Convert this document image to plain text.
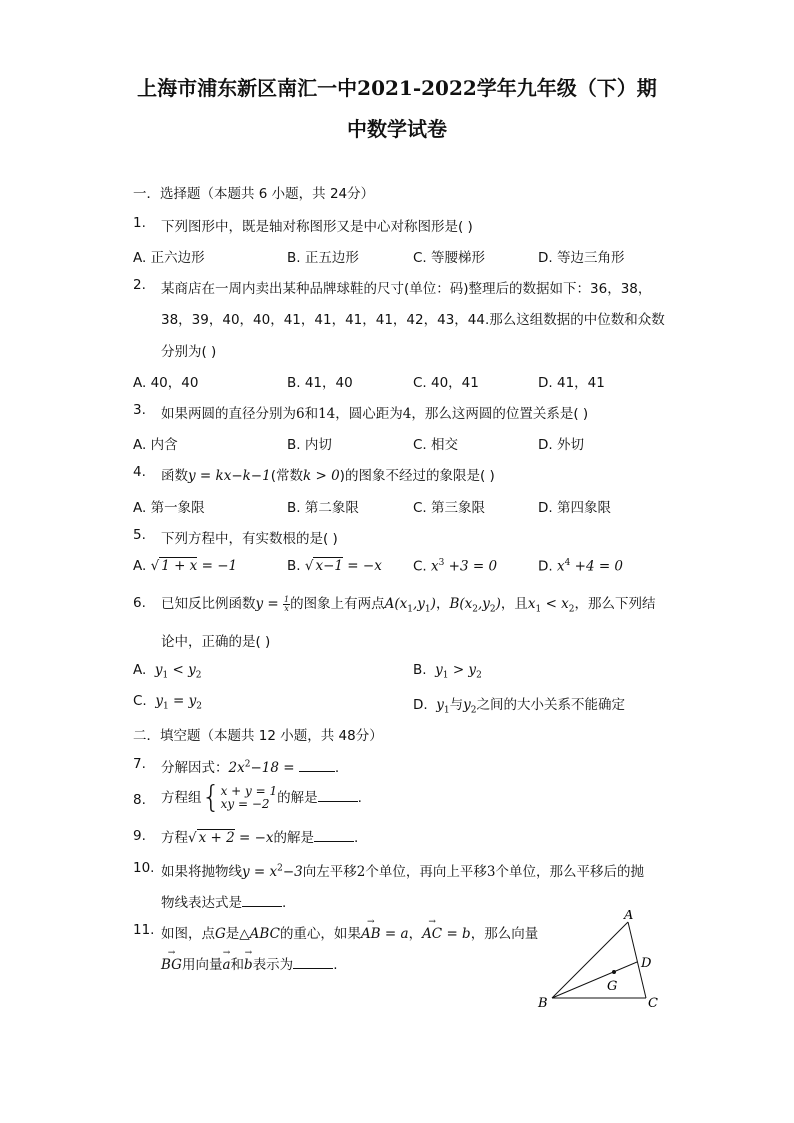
上海市浦东新区南汇一中2021-2022学年九年级（下）期
中数学试卷
一．选择题（本题共 6 小题，共 24分）
1. 下列图形中，既是轴对称图形又是中心对称图形是( )
A. 正六边形	B. 正五边形	C. 等腰梯形	D. 等边三角形
2. 某商店在一周内卖出某种品牌球鞋的尺寸(单位：码)整理后的数据如下：36，38，
38，39，40，40，41，41，41，41，42，43，44.那么这组数据的中位数和众数
分别为( )
A. 40，40	B. 41，40	C. 40，41	D. 41，41
3. 如果两圆的直径分别为6和14，圆心距为4，那么这两圆的位置关系是( )
A. 内含	B. 内切	C. 相交	D. 外切
4. 函数y = kx−k−1(常数k > 0)的图象不经过的象限是( )
A. 第一象限	B. 第二象限	C. 第三象限	D. 第四象限
5. 下列方程中，有实数根的是( )
A. √ 1 + x = −1	B. √ x−1 = −x C. $x^3 +3 = 0$	D. $x^4 +4 = 0$
6. 已知反比例函数$y = \frac{1}{x}$ 的图象上有两点$A(x_1,y_1)$，$B(x_2,y_2)$，且$x_1 < x_2$，那么下列结
论中，正确的是( )
A. $y_1 < y_2$	B. $y_1 > y_2$
C. $y_1 = y_2$	D. $y_1$与$y_2$之间的大小关系不能确定
二．填空题（本题共 12 小题，共 48分）
7. 分解因式：$2x^2-18$ =	.
8. 方程组{ x + y = 1
xy = −2 的解是	.
9. 方程√ x + 2 = −x的解是	.
10. 如果将抛物线$y = x^2-3$向左平移2个单位，再向上平移3个单位，那么平移后的抛
物线表达式是	.
11. 如图，点G是△ABC的重心，如果→ AB = a，→ AC = b，那么向量
→ BG用向量→ a和→ b表示为	.
A
B	C
D
G
